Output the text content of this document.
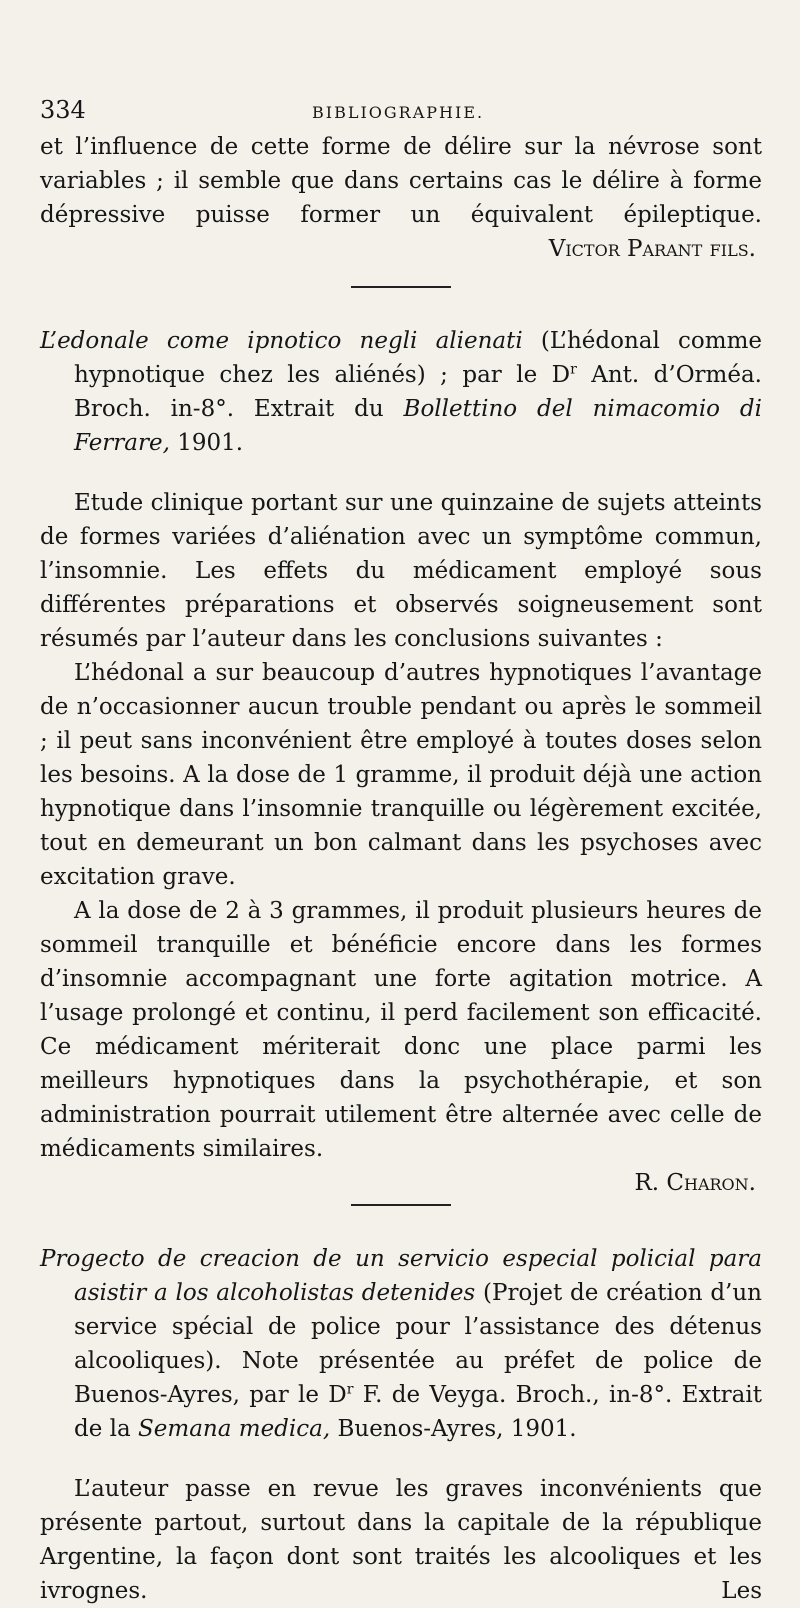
334	BIBLIOGRAPHIE.

et l’influence de cette forme de délire sur la névrose sont variables ; il semble que dans certains cas le délire à forme dépressive puisse former un équivalent épileptique.

Victor Parant fils.

L’edonale come ipnotico negli alienati (L’hédonal comme hypnotique chez les aliénés) ; par le $D^r$ Ant. d’Orméa. Broch. in-8°. Extrait du Bollettino del nimacomio di Ferrare, 1901.

Etude clinique portant sur une quinzaine de sujets atteints de formes variées d’aliénation avec un symptôme commun, l’insomnie. Les effets du médicament employé sous différentes préparations et observés soigneusement sont résumés par l’auteur dans les conclusions suivantes :

L’hédonal a sur beaucoup d’autres hypnotiques l’avantage de n’occasionner aucun trouble pendant ou après le sommeil ; il peut sans inconvénient être employé à toutes doses selon les besoins. A la dose de 1 gramme, il produit déjà une action hypnotique dans l’insomnie tranquille ou légèrement excitée, tout en demeurant un bon calmant dans les psychoses avec excitation grave.

A la dose de 2 à 3 grammes, il produit plusieurs heures de sommeil tranquille et bénéficie encore dans les formes d’insomnie accompagnant une forte agitation motrice. A l’usage prolongé et continu, il perd facilement son efficacité. Ce médicament mériterait donc une place parmi les meilleurs hypnotiques dans la psychothérapie, et son administration pourrait utilement être alternée avec celle de médicaments similaires.

R. Charon.

Progecto de creacion de un servicio especial policial para asistir a los alcoholistas detenides (Projet de création d’un service spécial de police pour l’assistance des détenus alcooliques). Note présentée au préfet de police de Buenos-Ayres, par le $D^r$ F. de Veyga. Broch., in-8°. Extrait de la Semana medica, Buenos-Ayres, 1901.

L’auteur passe en revue les graves inconvénients que présente partout, surtout dans la capitale de la république Argentine, la façon dont sont traités les alcooliques et les ivrognes. Les
